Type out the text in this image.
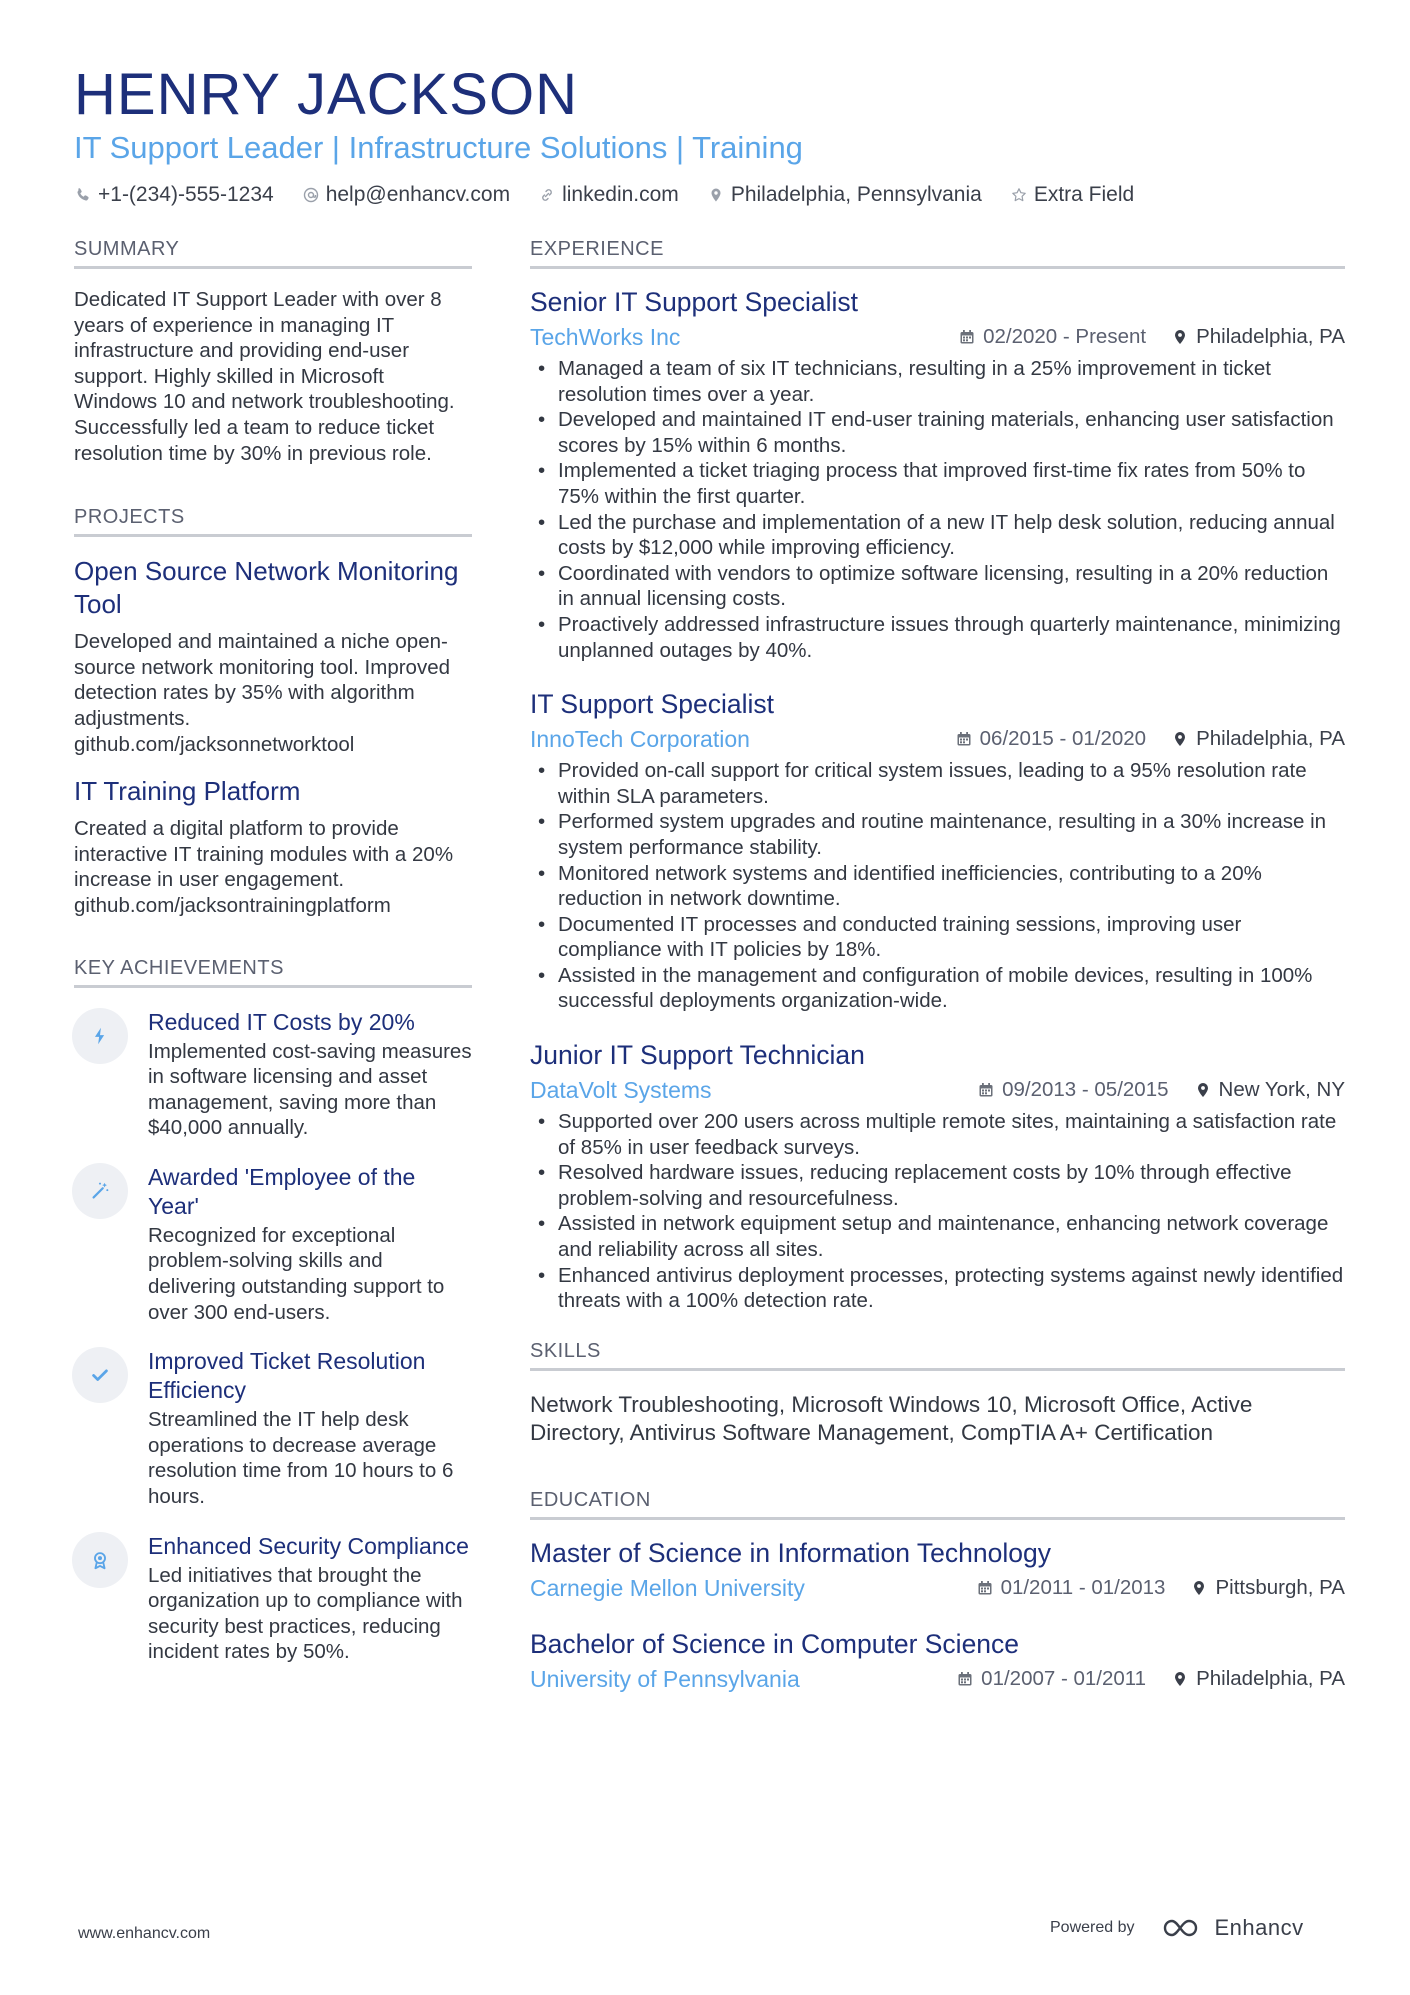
HENRY JACKSON
IT Support Leader | Infrastructure Solutions | Training
+1-(234)-555-1234 help@enhancv.com linkedin.com Philadelphia, Pennsylvania Extra Field
SUMMARY

Dedicated IT Support Leader with over 8 years of experience in managing IT infrastructure and providing end-user support. Highly skilled in Microsoft Windows 10 and network troubleshooting. Successfully led a team to reduce ticket resolution time by 30% in previous role.

PROJECTS
Open Source Network Monitoring Tool

Developed and maintained a niche open-source network monitoring tool. Improved detection rates by 35% with algorithm adjustments. github.com/jacksonnetworktool

IT Training Platform

Created a digital platform to provide interactive IT training modules with a 20% increase in user engagement. github.com/jacksontrainingplatform

KEY ACHIEVEMENTS
Reduced IT Costs by 20%

Implemented cost-saving measures in software licensing and asset management, saving more than $40,000 annually.

Awarded 'Employee of the Year'

Recognized for exceptional problem-solving skills and delivering outstanding support to over 300 end-users.

Improved Ticket Resolution Efficiency

Streamlined the IT help desk operations to decrease average resolution time from 10 hours to 6 hours.

Enhanced Security Compliance

Led initiatives that brought the organization up to compliance with security best practices, reducing incident rates by 50%.

EXPERIENCE
Senior IT Support Specialist
TechWorks Inc	02/2020 - Present Philadelphia, PA
• Managed a team of six IT technicians, resulting in a 25% improvement in ticket resolution times over a year.
• Developed and maintained IT end-user training materials, enhancing user satisfaction scores by 15% within 6 months.
• Implemented a ticket triaging process that improved first-time fix rates from 50% to 75% within the first quarter.
• Led the purchase and implementation of a new IT help desk solution, reducing annual costs by $12,000 while improving efficiency.
• Coordinated with vendors to optimize software licensing, resulting in a 20% reduction in annual licensing costs.
• Proactively addressed infrastructure issues through quarterly maintenance, minimizing unplanned outages by 40%.
IT Support Specialist
InnoTech Corporation	06/2015 - 01/2020 Philadelphia, PA
• Provided on-call support for critical system issues, leading to a 95% resolution rate within SLA parameters.
• Performed system upgrades and routine maintenance, resulting in a 30% increase in system performance stability.
• Monitored network systems and identified inefficiencies, contributing to a 20% reduction in network downtime.
• Documented IT processes and conducted training sessions, improving user compliance with IT policies by 18%.
• Assisted in the management and configuration of mobile devices, resulting in 100% successful deployments organization-wide.
Junior IT Support Technician
DataVolt Systems	09/2013 - 05/2015 New York, NY
• Supported over 200 users across multiple remote sites, maintaining a satisfaction rate of 85% in user feedback surveys.
• Resolved hardware issues, reducing replacement costs by 10% through effective problem-solving and resourcefulness.
• Assisted in network equipment setup and maintenance, enhancing network coverage and reliability across all sites.
• Enhanced antivirus deployment processes, protecting systems against newly identified threats with a 100% detection rate.
SKILLS

Network Troubleshooting, Microsoft Windows 10, Microsoft Office, Active Directory, Antivirus Software Management, CompTIA A+ Certification

EDUCATION
Master of Science in Information Technology
Carnegie Mellon University	01/2011 - 01/2013 Pittsburgh, PA
Bachelor of Science in Computer Science
University of Pennsylvania	01/2007 - 01/2011 Philadelphia, PA
www.enhancv.com	Powered by	Enhancv
